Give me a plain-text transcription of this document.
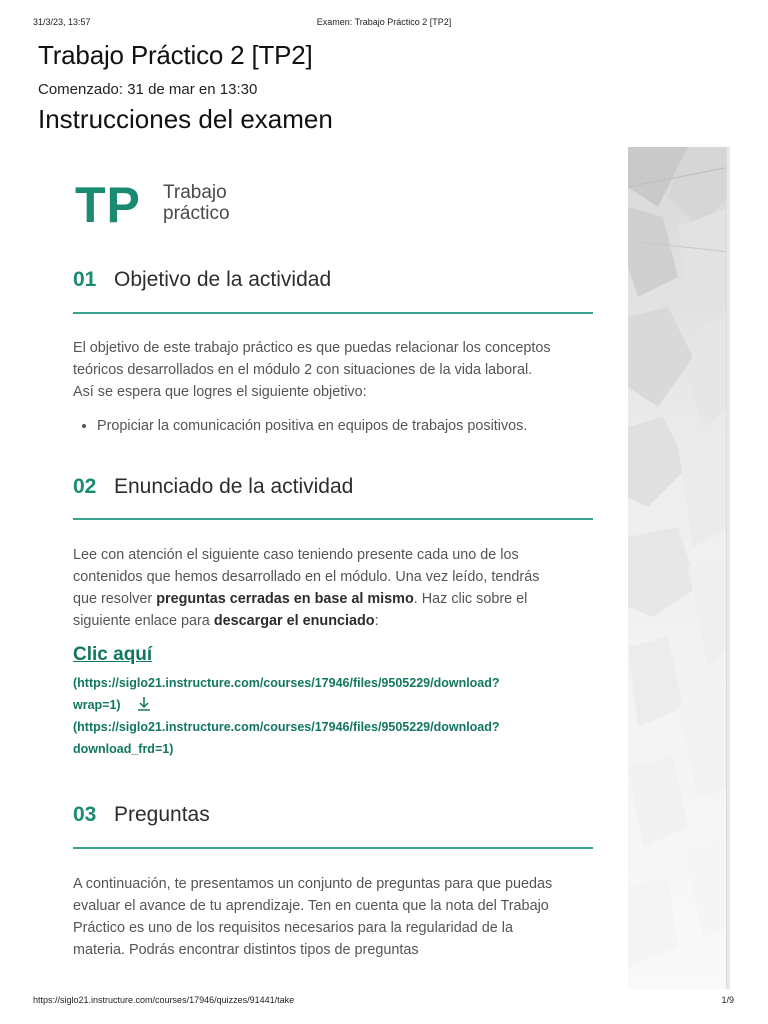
31/3/23, 13:57	Examen: Trabajo Práctico 2 [TP2]
Trabajo Práctico 2 [TP2]
Comenzado: 31 de mar en 13:30
Instrucciones del examen
TP Trabajo
práctico
01 Objetivo de la actividad
El objetivo de este trabajo práctico es que puedas relacionar los conceptos
teóricos desarrollados en el módulo 2 con situaciones de la vida laboral.
Así se espera que logres el siguiente objetivo:
• Propiciar la comunicación positiva en equipos de trabajos positivos.
02 Enunciado de la actividad
Lee con atención el siguiente caso teniendo presente cada uno de los
contenidos que hemos desarrollado en el módulo. Una vez leído, tendrás
que resolver preguntas cerradas en base al mismo. Haz clic sobre el
siguiente enlace para descargar el enunciado:
Clic aquí
(https://siglo21.instructure.com/courses/17946/files/9505229/download?
wrap=1)
(https://siglo21.instructure.com/courses/17946/files/9505229/download?
download_frd=1)
03 Preguntas
A continuación, te presentamos un conjunto de preguntas para que puedas
evaluar el avance de tu aprendizaje. Ten en cuenta que la nota del Trabajo
Práctico es uno de los requisitos necesarios para la regularidad de la
materia. Podrás encontrar distintos tipos de preguntas
https://siglo21.instructure.com/courses/17946/quizzes/91441/take	1/9
